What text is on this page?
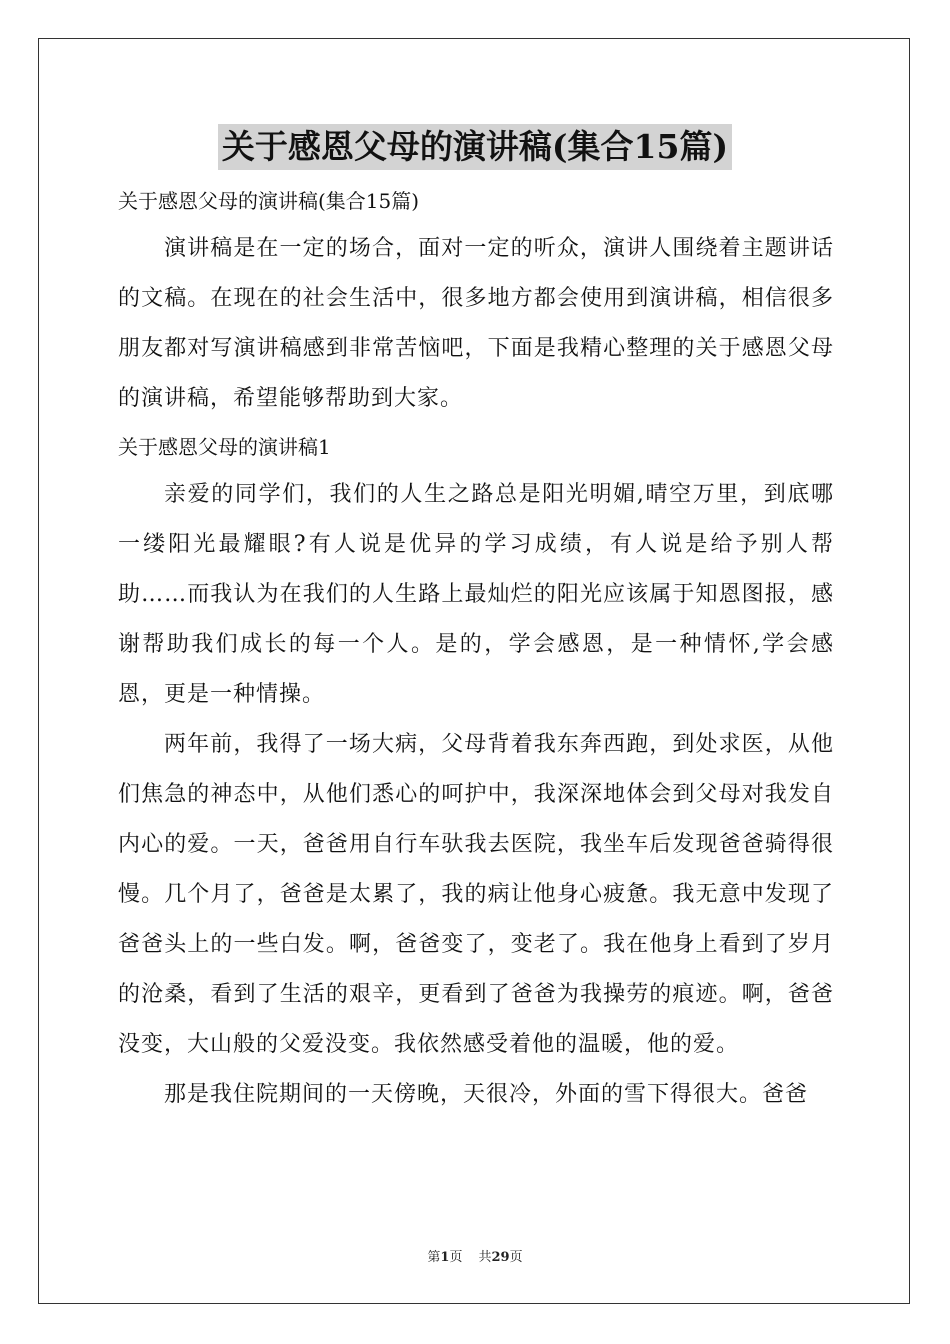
关于感恩父母的演讲稿(集合15篇)

关于感恩父母的演讲稿(集合15篇)

演讲稿是在一定的场合，面对一定的听众，演讲人围绕着主题讲话的文稿。在现在的社会生活中，很多地方都会使用到演讲稿，相信很多朋友都对写演讲稿感到非常苦恼吧，下面是我精心整理的关于感恩父母的演讲稿，希望能够帮助到大家。

关于感恩父母的演讲稿1

亲爱的同学们，我们的人生之路总是阳光明媚,晴空万里，到底哪一缕阳光最耀眼?有人说是优异的学习成绩，有人说是给予别人帮助……而我认为在我们的人生路上最灿烂的阳光应该属于知恩图报，感谢帮助我们成长的每一个人。是的，学会感恩，是一种情怀,学会感恩，更是一种情操。

两年前，我得了一场大病，父母背着我东奔西跑，到处求医，从他们焦急的神态中，从他们悉心的呵护中，我深深地体会到父母对我发自内心的爱。一天，爸爸用自行车驮我去医院，我坐车后发现爸爸骑得很慢。几个月了，爸爸是太累了，我的病让他身心疲惫。我无意中发现了爸爸头上的一些白发。啊，爸爸变了，变老了。我在他身上看到了岁月的沧桑，看到了生活的艰辛，更看到了爸爸为我操劳的痕迹。啊，爸爸没变，大山般的父爱没变。我依然感受着他的温暖，他的爱。

那是我住院期间的一天傍晚，天很冷，外面的雪下得很大。爸爸

第1页 共29页
